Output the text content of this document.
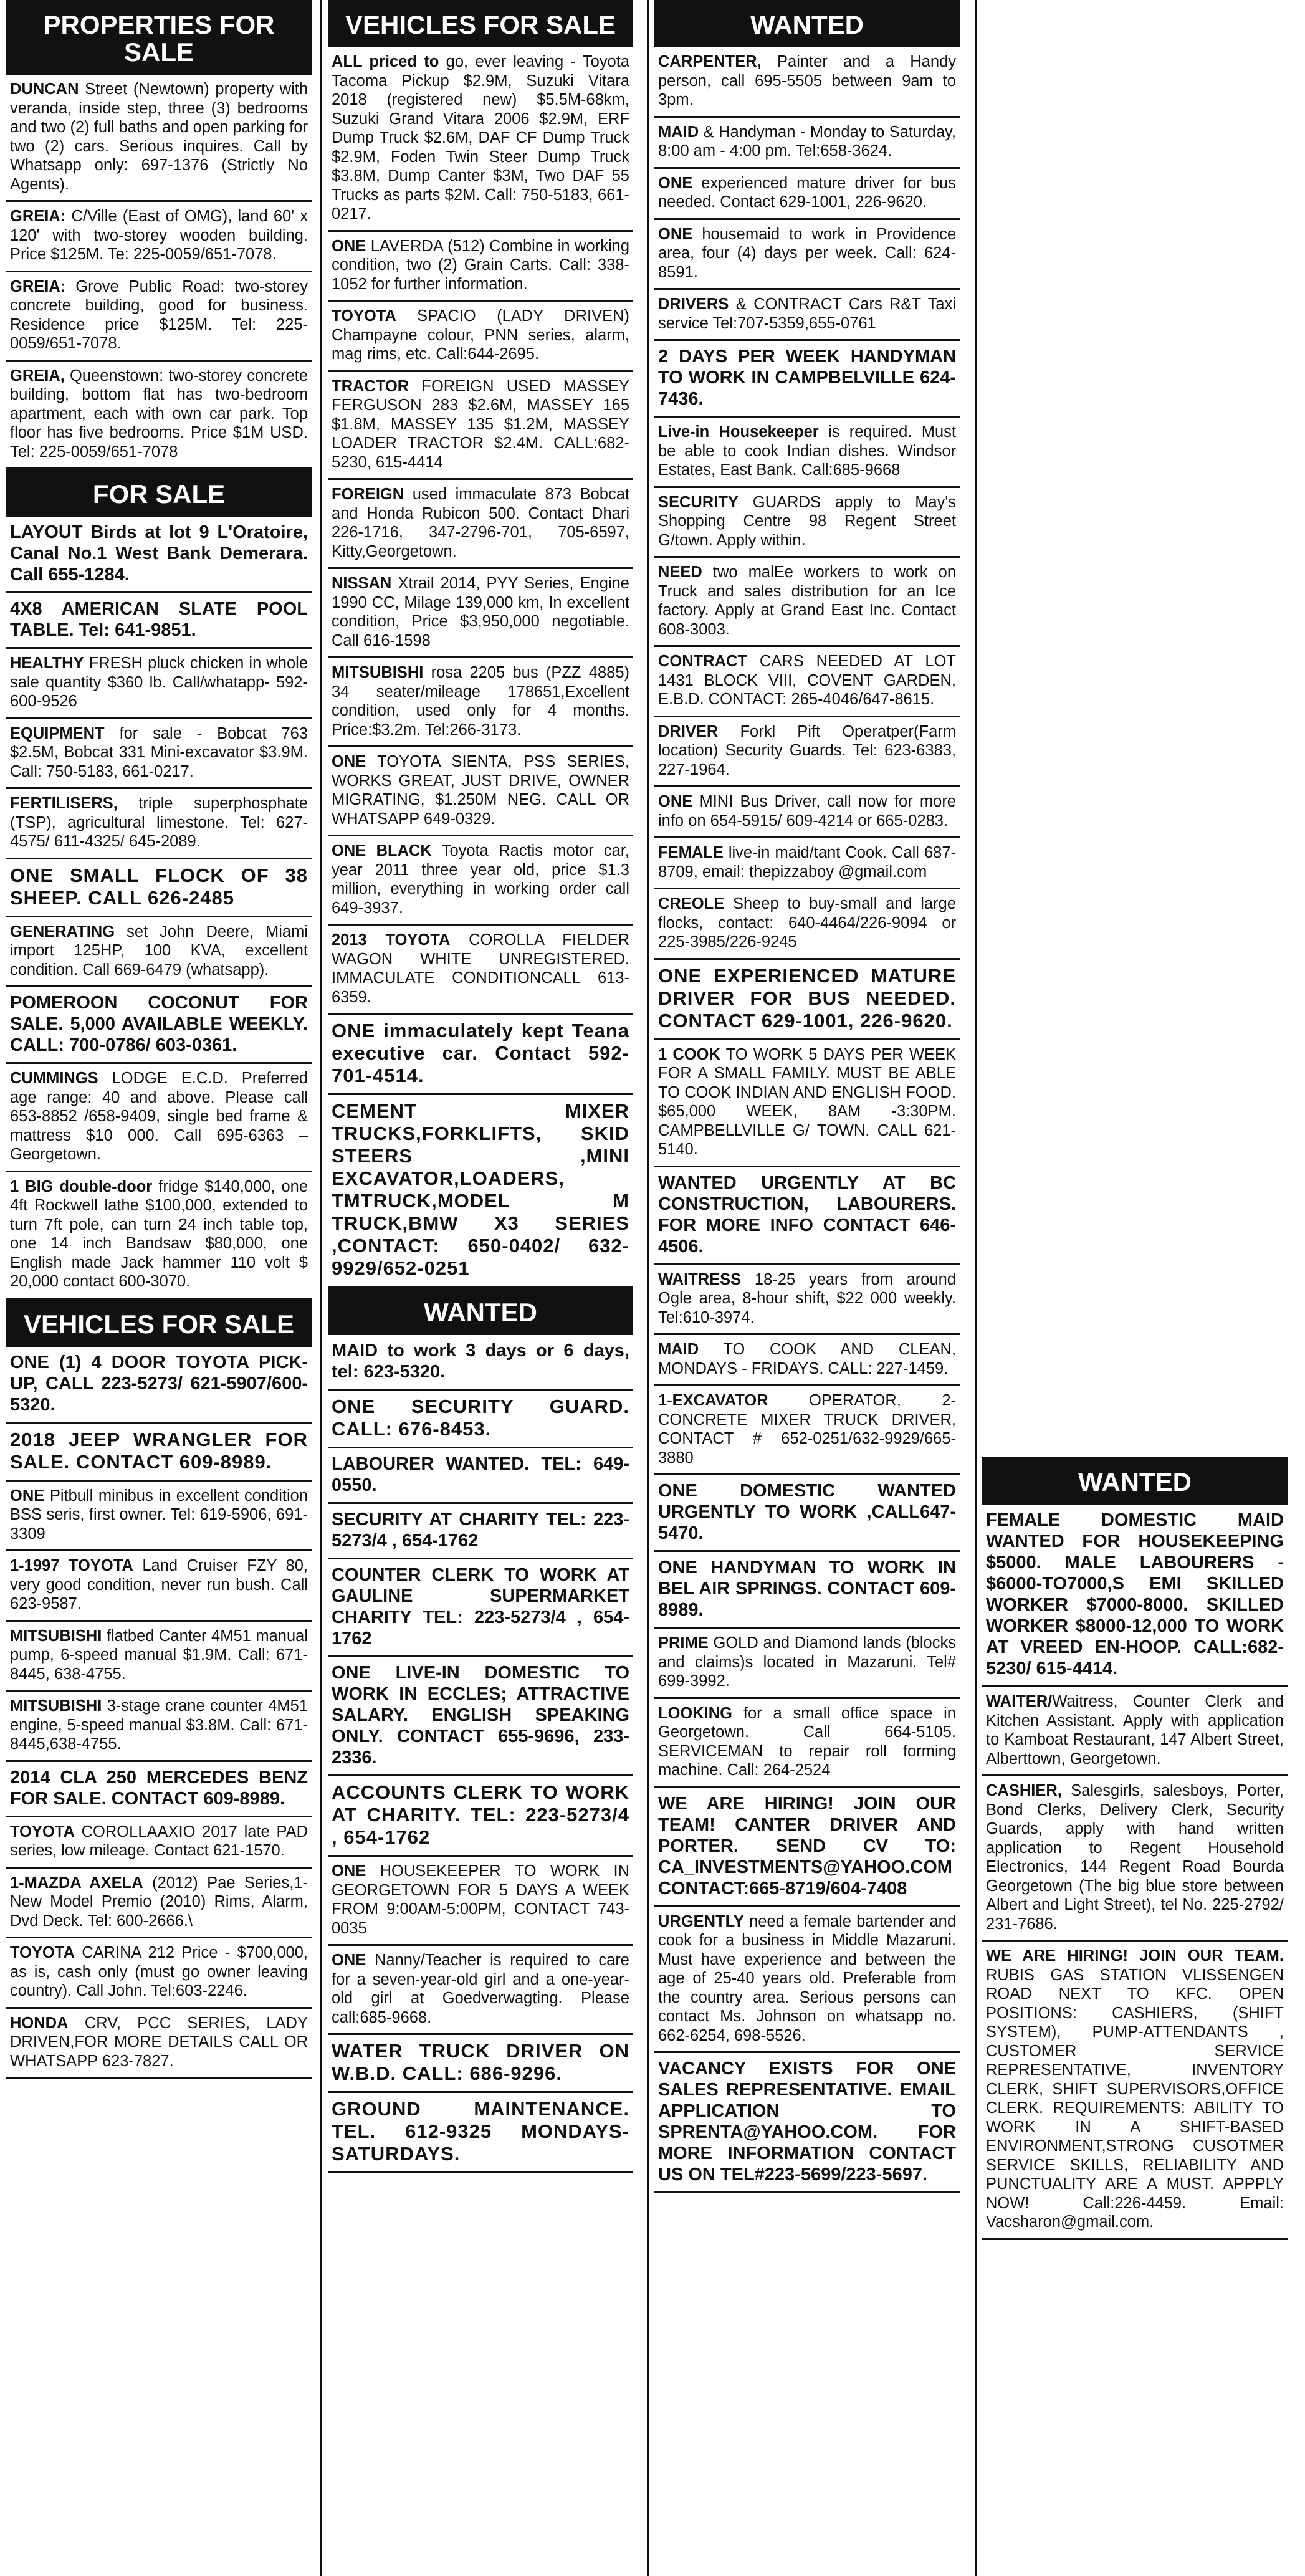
PROPERTIES FOR SALE
DUNCAN Street (Newtown) property with veranda, inside step, three (3) bedrooms and two (2) full baths and open parking for two (2) cars. Serious inquires. Call by Whatsapp only: 697-1376 (Strictly No Agents).
GREIA: C/Ville (East of OMG), land 60' x 120' with two-storey wooden building. Price $125M. Te: 225-0059/651-7078.
GREIA: Grove Public Road: two-storey concrete building, good for business. Residence price $125M. Tel: 225-0059/651-7078.
GREIA, Queenstown: two-storey concrete building, bottom flat has two-bedroom apartment, each with own car park. Top floor has five bedrooms. Price $1M USD. Tel: 225-0059/651-7078
FOR SALE
LAYOUT Birds at lot 9 L'Oratoire, Canal No.1 West Bank Demerara. Call 655-1284.
4X8 AMERICAN SLATE POOL TABLE. Tel: 641-9851.
HEALTHY FRESH pluck chicken in whole sale quantity $360 lb. Call/whatapp- 592-600-9526
EQUIPMENT for sale - Bobcat 763 $2.5M, Bobcat 331 Mini-excavator $3.9M. Call: 750-5183, 661-0217.
FERTILISERS, triple superphosphate (TSP), agricultural limestone. Tel: 627-4575/ 611-4325/ 645-2089.
ONE SMALL FLOCK OF 38 SHEEP. CALL 626-2485
GENERATING set John Deere, Miami import 125HP, 100 KVA, excellent condition. Call 669-6479 (whatsapp).
POMEROON COCONUT FOR SALE. 5,000 AVAILABLE WEEKLY. CALL: 700-0786/ 603-0361.
CUMMINGS LODGE E.C.D. Preferred age range: 40 and above. Please call 653-8852 /658-9409, single bed frame & mattress $10 000. Call 695-6363 – Georgetown.
1 BIG double-door fridge $140,000, one 4ft Rockwell lathe $100,000, extended to turn 7ft pole, can turn 24 inch table top, one 14 inch Bandsaw $80,000, one English made Jack hammer 110 volt $ 20,000 contact 600-3070.
VEHICLES FOR SALE
ONE (1) 4 DOOR TOYOTA PICK-UP, CALL 223-5273/ 621-5907/600-5320.
2018 JEEP WRANGLER FOR SALE. CONTACT 609-8989.
ONE Pitbull minibus in excellent condition BSS seris, first owner. Tel: 619-5906, 691-3309
1-1997 TOYOTA Land Cruiser FZY 80, very good condition, never run bush. Call 623-9587.
MITSUBISHI flatbed Canter 4M51 manual pump, 6-speed manual $1.9M. Call: 671-8445, 638-4755.
MITSUBISHI 3-stage crane counter 4M51 engine, 5-speed manual $3.8M. Call: 671-8445,638-4755.
2014 CLA 250 MERCEDES BENZ FOR SALE. CONTACT 609-8989.
TOYOTA COROLLAAXIO 2017 late PAD series, low mileage. Contact 621-1570.
1-MAZDA AXELA (2012) Pae Series,1- New Model Premio (2010) Rims, Alarm, Dvd Deck. Tel: 600-2666.\
TOYOTA CARINA 212 Price - $700,000, as is, cash only (must go owner leaving country). Call John. Tel:603-2246.
HONDA CRV, PCC SERIES, LADY DRIVEN,FOR MORE DETAILS CALL OR WHATSAPP 623-7827.
VEHICLES FOR SALE
ALL priced to go, ever leaving - Toyota Tacoma Pickup $2.9M, Suzuki Vitara 2018 (registered new) $5.5M-68km, Suzuki Grand Vitara 2006 $2.9M, ERF Dump Truck $2.6M, DAF CF Dump Truck $2.9M, Foden Twin Steer Dump Truck $3.8M, Dump Canter $3M, Two DAF 55 Trucks as parts $2M. Call: 750-5183, 661-0217.
ONE LAVERDA (512) Combine in working condition, two (2) Grain Carts. Call: 338-1052 for further information.
TOYOTA SPACIO (LADY DRIVEN) Champayne colour, PNN series, alarm, mag rims, etc. Call:644-2695.
TRACTOR FOREIGN USED MASSEY FERGUSON 283 $2.6M, MASSEY 165 $1.8M, MASSEY 135 $1.2M, MASSEY LOADER TRACTOR $2.4M. CALL:682-5230, 615-4414
FOREIGN used immaculate 873 Bobcat and Honda Rubicon 500. Contact Dhari 226-1716, 347-2796-701, 705-6597, Kitty,Georgetown.
NISSAN Xtrail 2014, PYY Series, Engine 1990 CC, Milage 139,000 km, In excellent condition, Price $3,950,000 negotiable. Call 616-1598
MITSUBISHI rosa 2205 bus (PZZ 4885) 34 seater/mileage 178651,Excellent condition, used only for 4 months. Price:$3.2m. Tel:266-3173.
ONE TOYOTA SIENTA, PSS SERIES, WORKS GREAT, JUST DRIVE, OWNER MIGRATING, $1.250M NEG. CALL OR WHATSAPP 649-0329.
ONE BLACK Toyota Ractis motor car, year 2011 three year old, price $1.3 million, everything in working order call 649-3937.
2013 TOYOTA COROLLA FIELDER WAGON WHITE UNREGISTERED. IMMACULATE CONDITIONCALL 613-6359.
ONE immaculately kept Teana executive car. Contact 592-701-4514.
CEMENT MIXER TRUCKS,FORKLIFTS, SKID STEERS ,MINI EXCAVATOR,LOADERS, TMTRUCK,MODEL M TRUCK,BMW X3 SERIES ,CONTACT: 650-0402/ 632-9929/652-0251
WANTED
MAID to work 3 days or 6 days, tel: 623-5320.
ONE SECURITY GUARD. CALL: 676-8453.
LABOURER WANTED. TEL: 649-0550.
SECURITY AT CHARITY TEL: 223-5273/4 , 654-1762
COUNTER CLERK TO WORK AT GAULINE SUPERMARKET CHARITY TEL: 223-5273/4 , 654-1762
ONE LIVE-IN DOMESTIC TO WORK IN ECCLES; ATTRACTIVE SALARY. ENGLISH SPEAKING ONLY. CONTACT 655-9696, 233-2336.
ACCOUNTS CLERK TO WORK AT CHARITY. TEL: 223-5273/4 , 654-1762
ONE HOUSEKEEPER TO WORK IN GEORGETOWN FOR 5 DAYS A WEEK FROM 9:00AM-5:00PM, CONTACT 743-0035
ONE Nanny/Teacher is required to care for a seven-year-old girl and a one-year-old girl at Goedverwagting. Please call:685-9668.
WATER TRUCK DRIVER ON W.B.D. CALL: 686-9296.
GROUND MAINTENANCE. TEL. 612-9325 MONDAYS-SATURDAYS.
WANTED
CARPENTER, Painter and a Handy person, call 695-5505 between 9am to 3pm.
MAID & Handyman - Monday to Saturday, 8:00 am - 4:00 pm. Tel:658-3624.
ONE experienced mature driver for bus needed. Contact 629-1001, 226-9620.
ONE housemaid to work in Providence area, four (4) days per week. Call: 624-8591.
DRIVERS & CONTRACT Cars R&T Taxi service Tel:707-5359,655-0761
2 DAYS PER WEEK HANDYMAN TO WORK IN CAMPBELVILLE 624-7436.
Live-in Housekeeper is required. Must be able to cook Indian dishes. Windsor Estates, East Bank. Call:685-9668
SECURITY GUARDS apply to May's Shopping Centre 98 Regent Street G/town. Apply within.
NEED two malEe workers to work on Truck and sales distribution for an Ice factory. Apply at Grand East Inc. Contact 608-3003.
CONTRACT CARS NEEDED AT LOT 1431 BLOCK VIII, COVENT GARDEN, E.B.D. CONTACT: 265-4046/647-8615.
DRIVER Forkl Pift Operatper(Farm location) Security Guards. Tel: 623-6383, 227-1964.
ONE MINI Bus Driver, call now for more info on 654-5915/ 609-4214 or 665-0283.
FEMALE live-in maid/tant Cook. Call 687-8709, email: thepizzaboy @gmail.com
CREOLE Sheep to buy-small and large flocks, contact: 640-4464/226-9094 or 225-3985/226-9245
ONE EXPERIENCED MATURE DRIVER FOR BUS NEEDED. CONTACT 629-1001, 226-9620.
1 COOK TO WORK 5 DAYS PER WEEK FOR A SMALL FAMILY. MUST BE ABLE TO COOK INDIAN AND ENGLISH FOOD. $65,000 WEEK, 8AM -3:30PM. CAMPBELLVILLE G/ TOWN. CALL 621-5140.
WANTED URGENTLY AT BC CONSTRUCTION, LABOURERS. FOR MORE INFO CONTACT 646-4506.
WAITRESS 18-25 years from around Ogle area, 8-hour shift, $22 000 weekly. Tel:610-3974.
MAID TO COOK AND CLEAN, MONDAYS - FRIDAYS. CALL: 227-1459.
1-EXCAVATOR OPERATOR, 2- CONCRETE MIXER TRUCK DRIVER, CONTACT # 652-0251/632-9929/665-3880
ONE DOMESTIC WANTED URGENTLY TO WORK ,CALL647-5470.
ONE HANDYMAN TO WORK IN BEL AIR SPRINGS. CONTACT 609-8989.
PRIME GOLD and Diamond lands (blocks and claims)s located in Mazaruni. Tel# 699-3992.
LOOKING for a small office space in Georgetown. Call 664-5105. SERVICEMAN to repair roll forming machine. Call: 264-2524
WE ARE HIRING! JOIN OUR TEAM! CANTER DRIVER AND PORTER. SEND CV TO: CA_INVESTMENTS@YAHOO.COM CONTACT:665-8719/604-7408
URGENTLY need a female bartender and cook for a business in Middle Mazaruni. Must have experience and between the age of 25-40 years old. Preferable from the country area. Serious persons can contact Ms. Johnson on whatsapp no. 662-6254, 698-5526.
VACANCY EXISTS FOR ONE SALES REPRESENTATIVE. EMAIL APPLICATION TO SPRENTA@YAHOO.COM. FOR MORE INFORMATION CONTACT US ON TEL#223-5699/223-5697.
WANTED
FEMALE DOMESTIC MAID WANTED FOR HOUSEKEEPING $5000. MALE LABOURERS - $6000-TO7000,S EMI SKILLED WORKER $7000-8000. SKILLED WORKER $8000-12,000 TO WORK AT VREED EN-HOOP. CALL:682-5230/ 615-4414.
WAITER/Waitress, Counter Clerk and Kitchen Assistant. Apply with application to Kamboat Restaurant, 147 Albert Street, Alberttown, Georgetown.
CASHIER, Salesgirls, salesboys, Porter, Bond Clerks, Delivery Clerk, Security Guards, apply with hand written application to Regent Household Electronics, 144 Regent Road Bourda Georgetown (The big blue store between Albert and Light Street), tel No. 225-2792/ 231-7686.
WE ARE HIRING! JOIN OUR TEAM. RUBIS GAS STATION VLISSENGEN ROAD NEXT TO KFC. OPEN POSITIONS: CASHIERS, (SHIFT SYSTEM), PUMP-ATTENDANTS , CUSTOMER SERVICE REPRESENTATIVE, INVENTORY CLERK, SHIFT SUPERVISORS,OFFICE CLERK. REQUIREMENTS: ABILITY TO WORK IN A SHIFT-BASED ENVIRONMENT,STRONG CUSOTMER SERVICE SKILLS, RELIABILITY AND PUNCTUALITY ARE A MUST. APPPLY NOW! Call:226-4459. Email: Vacsharon@gmail.com.
